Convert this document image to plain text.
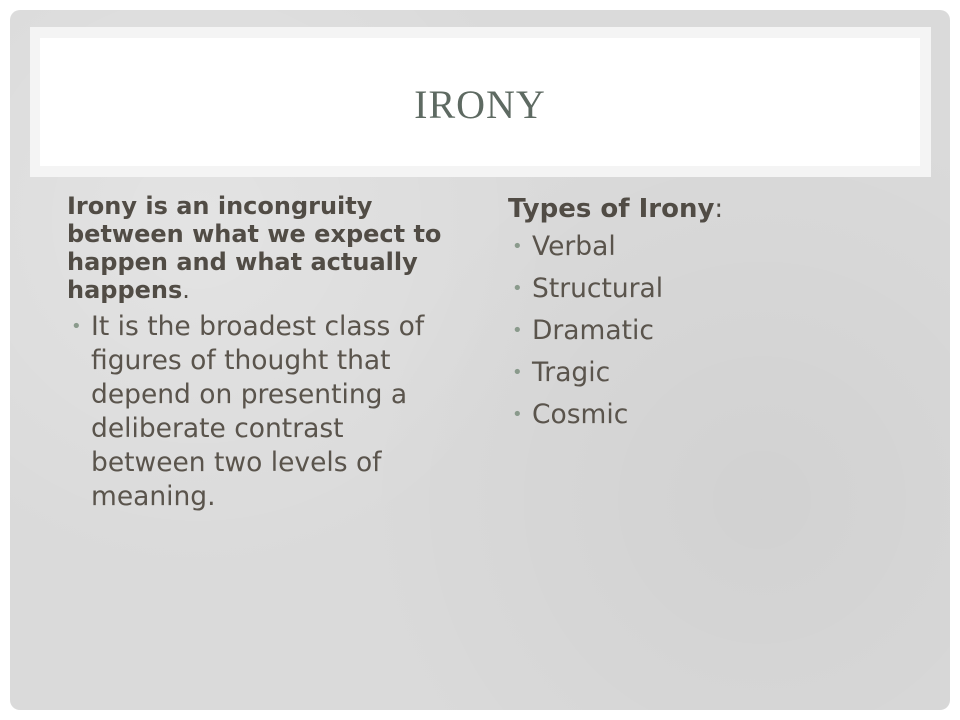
IRONY

Irony is an incongruity between what we expect to happen and what actually happens.

• It is the broadest class of figures of thought that depend on presenting a deliberate contrast between two levels of meaning.

Types of Irony:

• Verbal
• Structural
• Dramatic
• Tragic
• Cosmic
